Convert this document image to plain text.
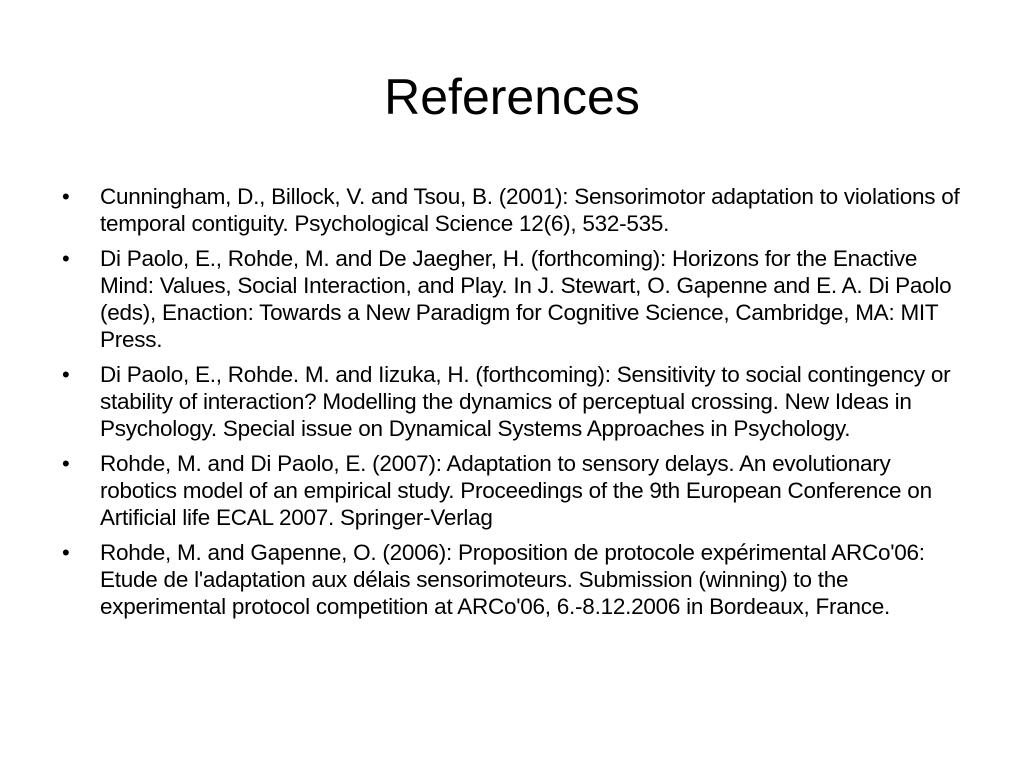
References
•	Cunningham, D., Billock, V. and Tsou, B. (2001): Sensorimotor adaptation to violations of temporal contiguity. Psychological Science 12(6), 532-535.
•	Di Paolo, E., Rohde, M. and De Jaegher, H. (forthcoming): Horizons for the Enactive Mind: Values, Social Interaction, and Play. In J. Stewart, O. Gapenne and E. A. Di Paolo (eds), Enaction: Towards a New Paradigm for Cognitive Science, Cambridge, MA: MIT Press.
•	Di Paolo, E., Rohde. M. and Iizuka, H. (forthcoming): Sensitivity to social contingency or stability of interaction? Modelling the dynamics of perceptual crossing. New Ideas in Psychology. Special issue on Dynamical Systems Approaches in Psychology.
•	Rohde, M. and Di Paolo, E. (2007): Adaptation to sensory delays. An evolutionary robotics model of an empirical study. Proceedings of the 9th European Conference on Artificial life ECAL 2007. Springer-Verlag
•	Rohde, M. and Gapenne, O. (2006): Proposition de protocole expérimental ARCo'06: Etude de l'adaptation aux délais sensorimoteurs. Submission (winning) to the experimental protocol competition at ARCo'06, 6.-8.12.2006 in Bordeaux, France.
